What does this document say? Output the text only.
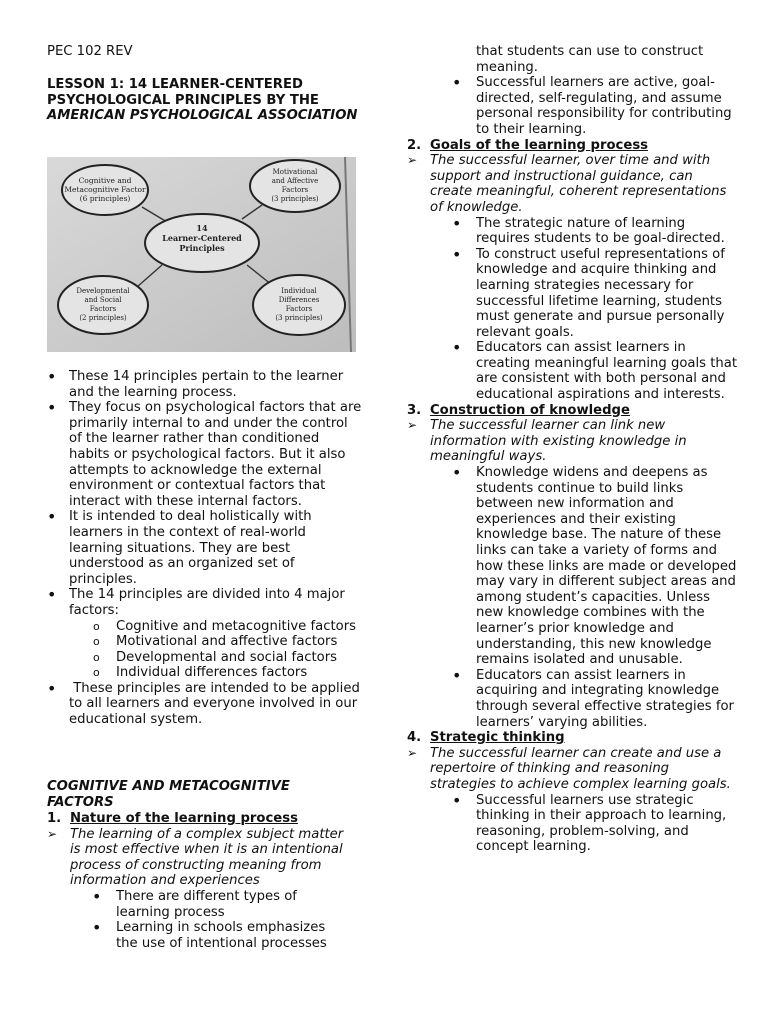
PEC 102 REV
LESSON 1: 14 LEARNER-CENTERED PSYCHOLOGICAL PRINCIPLES BY THE AMERICAN PSYCHOLOGICAL ASSOCIATION
Cognitive and
Metacognitive Factor
(6 principles)
Motivational
and Affective
Factors
(3 principles)
14
Learner-Centered
Principles
Developmental
and Social
Factors
(2 principles)
Individual
Differences
Factors
(3 principles)
• These 14 principles pertain to the learner and the learning process.
• They focus on psychological factors that are primarily internal to and under the control of the learner rather than conditioned habits or psychological factors. But it also attempts to acknowledge the external environment or contextual factors that interact with these internal factors.
• It is intended to deal holistically with learners in the context of real-world learning situations. They are best understood as an organized set of principles.
• The 14 principles are divided into 4 major factors:
o Cognitive and metacognitive factors
o Motivational and affective factors
o Developmental and social factors
o Individual differences factors
•  These principles are intended to be applied to all learners and everyone involved in our educational system.
COGNITIVE AND METACOGNITIVE FACTORS
1. Nature of the learning process
➢ The learning of a complex subject matter is most effective when it is an intentional process of constructing meaning from information and experiences
• There are different types of learning process
• Learning in schools emphasizes the use of intentional processes
that students can use to construct meaning.
• Successful learners are active, goal-directed, self-regulating, and assume personal responsibility for contributing to their learning.
2. Goals of the learning process
➢ The successful learner, over time and with support and instructional guidance, can create meaningful, coherent representations of knowledge.
• The strategic nature of learning requires students to be goal-directed.
• To construct useful representations of knowledge and acquire thinking and learning strategies necessary for successful lifetime learning, students must generate and pursue personally relevant goals.
• Educators can assist learners in creating meaningful learning goals that are consistent with both personal and educational aspirations and interests.
3. Construction of knowledge
➢ The successful learner can link new information with existing knowledge in meaningful ways.
• Knowledge widens and deepens as students continue to build links between new information and experiences and their existing knowledge base. The nature of these links can take a variety of forms and how these links are made or developed may vary in different subject areas and among student’s capacities. Unless new knowledge combines with the learner’s prior knowledge and understanding, this new knowledge remains isolated and unusable.
• Educators can assist learners in acquiring and integrating knowledge through several effective strategies for learners’ varying abilities.
4. Strategic thinking
➢ The successful learner can create and use a repertoire of thinking and reasoning strategies to achieve complex learning goals.
• Successful learners use strategic thinking in their approach to learning, reasoning, problem-solving, and concept learning.
